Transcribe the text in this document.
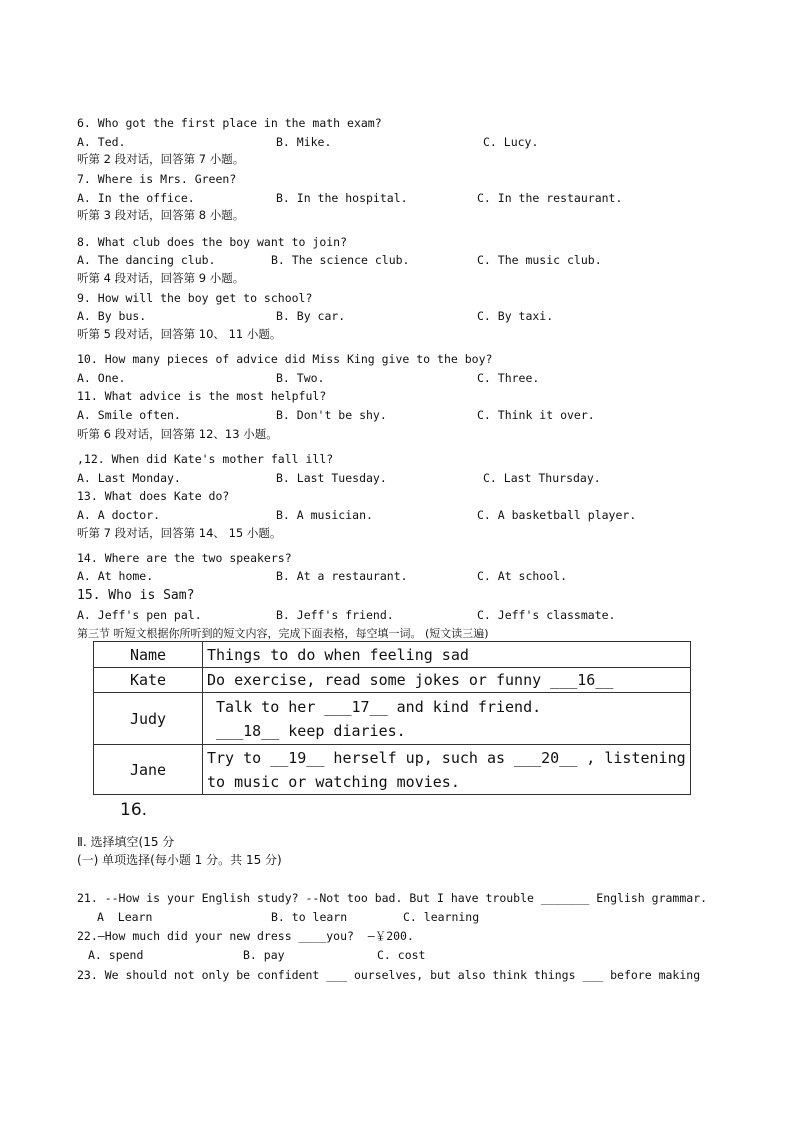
6. Who got the first place in the math exam?
A. Ted.	B. Mike.	C. Lucy.
听第 2 段对话，回答第 7 小题。
7. Where is Mrs. Green?
A. In the office.	B. In the hospital.	C. In the restaurant.
听第 3 段对话，回答第 8 小题。
8. What club does the boy want to join?
A. The dancing club.	B. The science club.	C. The music club.
听第 4 段对话，回答第 9 小题。
9. How will the boy get to school?
A. By bus.	B. By car.	C. By taxi.
听第 5 段对话，回答第 10、 11 小题。
10. How many pieces of advice did Miss King give to the boy?
A. One.	B. Two.	C. Three.
11. What advice is the most helpful?
A. Smile often.	B. Don't be shy.	C. Think it over.
听第 6 段对话，回答第 12、13 小题。
,12. When did Kate's mother fall ill?
A. Last Monday.	B. Last Tuesday.	C. Last Thursday.
13. What does Kate do?
A. A doctor.	B. A musician.	C. A basketball player.
听第 7 段对话，回答第 14、 15 小题。
14. Where are the two speakers?
A. At home.	B. At a restaurant.	C. At school.
15. Who is Sam?
A. Jeff's pen pal.	B. Jeff's friend.	C. Jeff's classmate.
第三节 听短文根据你所听到的短文内容，完成下面表格，每空填一词。 (短文读三遍)
Name	Things to do when feeling sad
Kate	Do exercise, read some jokes or funny ___16__
Judy	Talk to her ___17__ and kind friend.
___18__ keep diaries.

Jane	Try to __19__ herself up, such as ___20__ , listening
to music or watching movies.
16.
Ⅱ. 选择填空(15 分
(一) 单项选择(每小题 1 分。共 15 分)
21. --How is your English study? --Not too bad. But I have trouble _______ English grammar.
A  Learn	B. to learn	C. learning
22.—How much did your new dress ____you?  —￥200.
A. spend	B. pay	C. cost
23. We should not only be confident ___ ourselves, but also think things ___ before making
